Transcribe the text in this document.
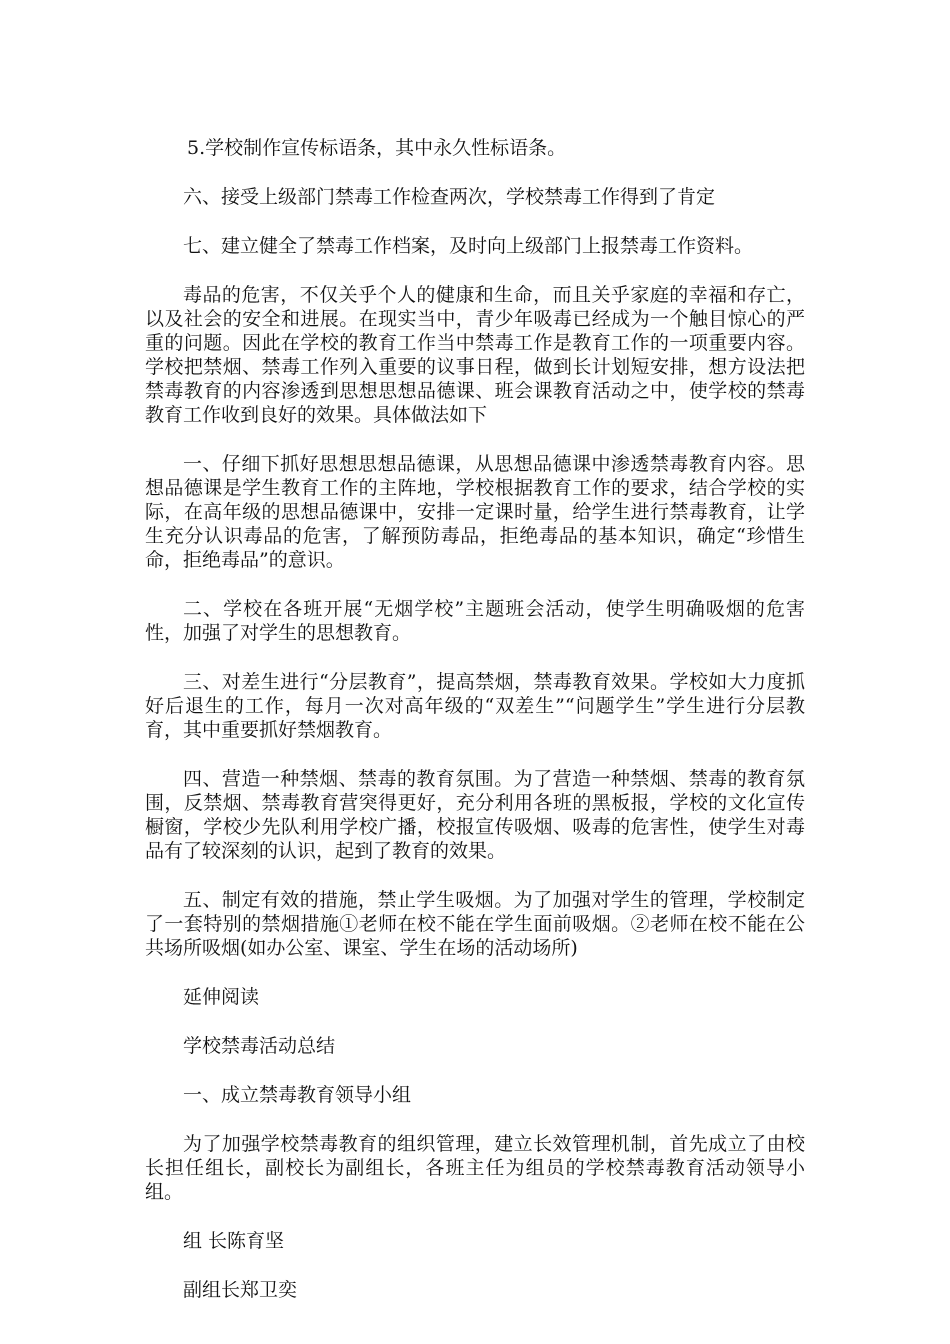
5.学校制作宣传标语条，其中永久性标语条。

六、接受上级部门禁毒工作检查两次，学校禁毒工作得到了肯定

七、建立健全了禁毒工作档案，及时向上级部门上报禁毒工作资料。

毒品的危害，不仅关乎个人的健康和生命，而且关乎家庭的幸福和存亡，以及社会的安全和进展。在现实当中，青少年吸毒已经成为一个触目惊心的严重的问题。因此在学校的教育工作当中禁毒工作是教育工作的一项重要内容。学校把禁烟、禁毒工作列入重要的议事日程，做到长计划短安排，想方设法把禁毒教育的内容渗透到思想思想品德课、班会课教育活动之中，使学校的禁毒教育工作收到良好的效果。具体做法如下

一、仔细下抓好思想思想品德课，从思想品德课中渗透禁毒教育内容。思想品德课是学生教育工作的主阵地，学校根据教育工作的要求，结合学校的实际，在高年级的思想品德课中，安排一定课时量，给学生进行禁毒教育，让学生充分认识毒品的危害，了解预防毒品，拒绝毒品的基本知识，确定“珍惜生命，拒绝毒品”的意识。

二、学校在各班开展“无烟学校”主题班会活动，使学生明确吸烟的危害性，加强了对学生的思想教育。

三、对差生进行“分层教育”，提高禁烟，禁毒教育效果。学校如大力度抓好后退生的工作，每月一次对高年级的“双差生”“问题学生”学生进行分层教育，其中重要抓好禁烟教育。

四、营造一种禁烟、禁毒的教育氛围。为了营造一种禁烟、禁毒的教育氛围，反禁烟、禁毒教育营突得更好，充分利用各班的黑板报，学校的文化宣传橱窗，学校少先队利用学校广播，校报宣传吸烟、吸毒的危害性，使学生对毒品有了较深刻的认识，起到了教育的效果。

五、制定有效的措施，禁止学生吸烟。为了加强对学生的管理，学校制定了一套特别的禁烟措施①老师在校不能在学生面前吸烟。②老师在校不能在公共场所吸烟(如办公室、课室、学生在场的活动场所)

延伸阅读

学校禁毒活动总结

一、成立禁毒教育领导小组

为了加强学校禁毒教育的组织管理，建立长效管理机制，首先成立了由校长担任组长，副校长为副组长，各班主任为组员的学校禁毒教育活动领导小组。

组 长陈育坚

副组长郑卫奕
